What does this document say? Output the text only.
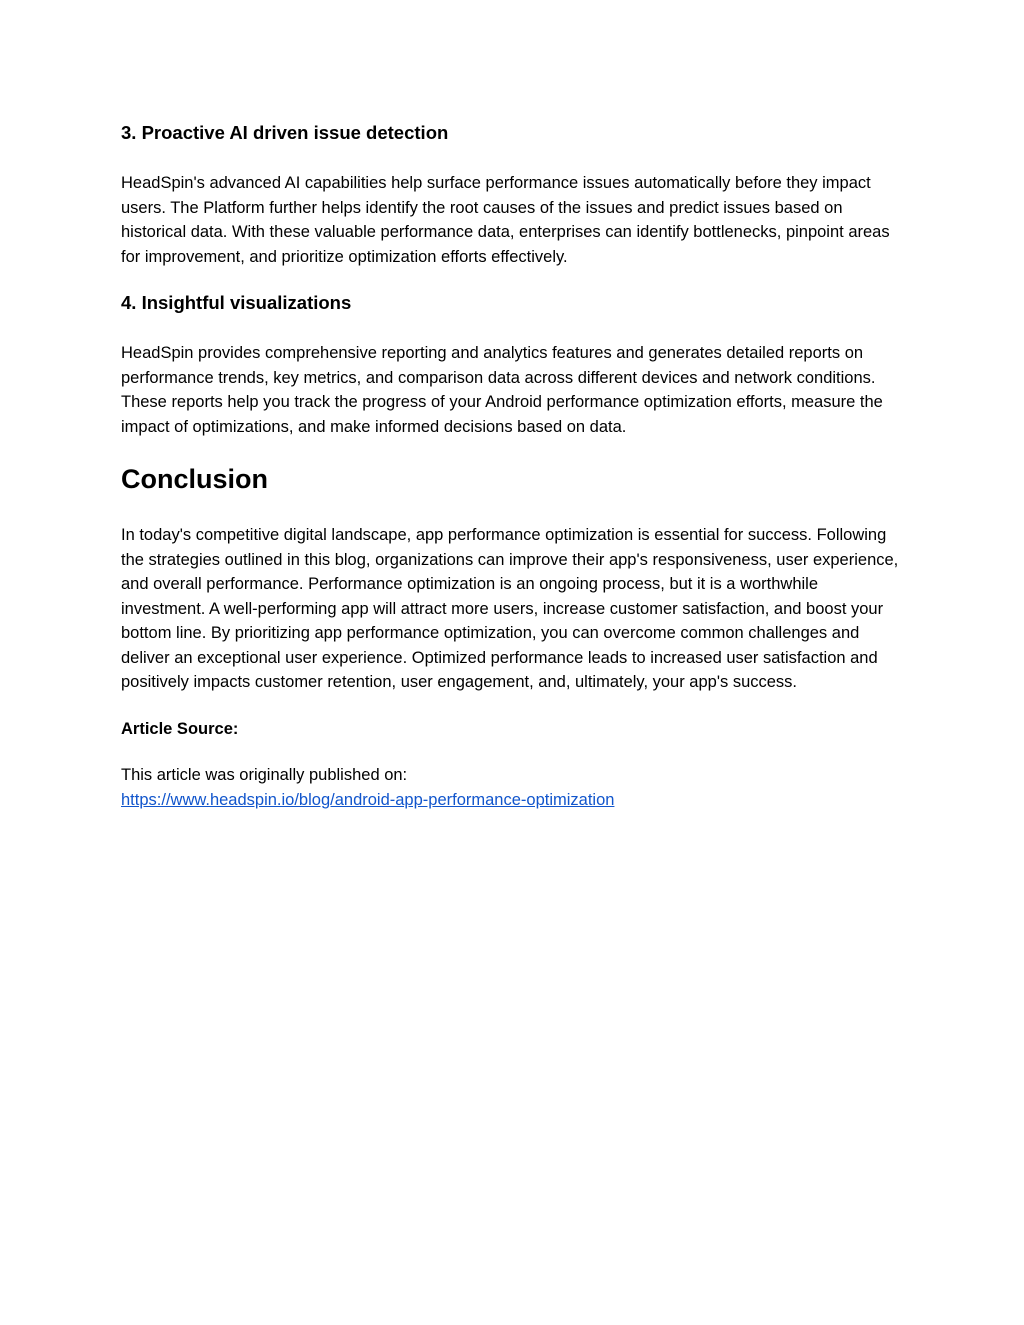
3. Proactive AI driven issue detection

HeadSpin's advanced AI capabilities help surface performance issues automatically before they impact users. The Platform further helps identify the root causes of the issues and predict issues based on historical data. With these valuable performance data, enterprises can identify bottlenecks, pinpoint areas for improvement, and prioritize optimization efforts effectively.

4. Insightful visualizations

HeadSpin provides comprehensive reporting and analytics features and generates detailed reports on performance trends, key metrics, and comparison data across different devices and network conditions. These reports help you track the progress of your Android performance optimization efforts, measure the impact of optimizations, and make informed decisions based on data.

Conclusion

In today's competitive digital landscape, app performance optimization is essential for success. Following the strategies outlined in this blog, organizations can improve their app's responsiveness, user experience, and overall performance. Performance optimization is an ongoing process, but it is a worthwhile investment. A well-performing app will attract more users, increase customer satisfaction, and boost your bottom line. By prioritizing app performance optimization, you can overcome common challenges and deliver an exceptional user experience. Optimized performance leads to increased user satisfaction and positively impacts customer retention, user engagement, and, ultimately, your app's success.

Article Source:

This article was originally published on:
https://www.headspin.io/blog/android-app-performance-optimization
